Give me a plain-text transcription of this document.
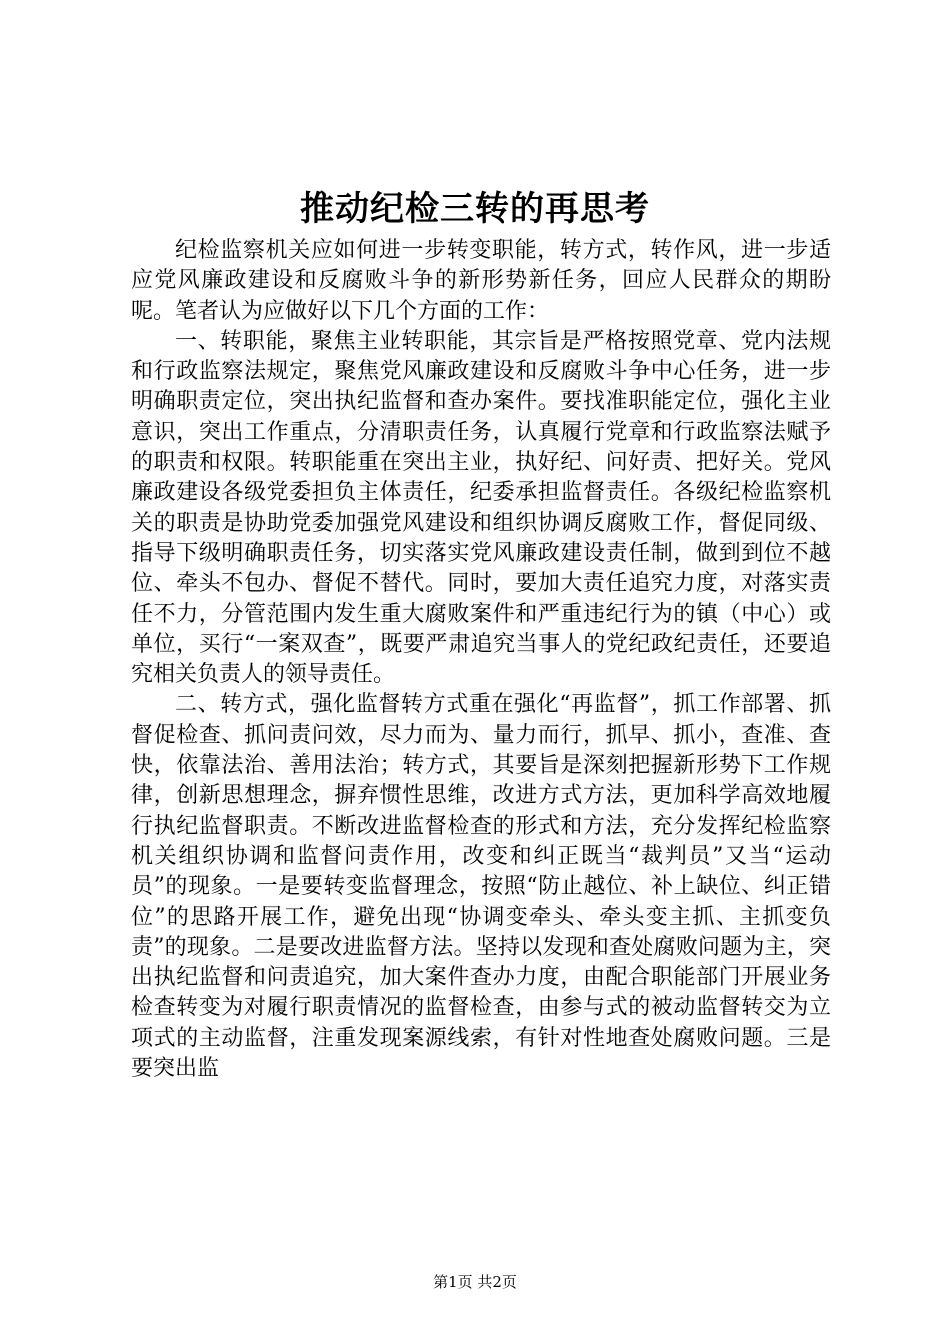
推动纪检三转的再思考

纪检监察机关应如何进一步转变职能，转方式，转作风，进一步适应党风廉政建设和反腐败斗争的新形势新任务，回应人民群众的期盼呢。笔者认为应做好以下几个方面的工作：

一、转职能，聚焦主业转职能，其宗旨是严格按照党章、党内法规和行政监察法规定，聚焦党风廉政建设和反腐败斗争中心任务，进一步明确职责定位，突出执纪监督和查办案件。要找准职能定位，强化主业意识，突出工作重点，分清职责任务，认真履行党章和行政监察法赋予的职责和权限。转职能重在突出主业，执好纪、问好责、把好关。党风廉政建设各级党委担负主体责任，纪委承担监督责任。各级纪检监察机关的职责是协助党委加强党风建设和组织协调反腐败工作，督促同级、指导下级明确职责任务，切实落实党风廉政建设责任制，做到到位不越位、牵头不包办、督促不替代。同时，要加大责任追究力度，对落实责任不力，分管范围内发生重大腐败案件和严重违纪行为的镇（中心）或单位，买行“一案双查”，既要严肃追究当事人的党纪政纪责任，还要追究相关负责人的领导责任。

二、转方式，强化监督转方式重在强化“再监督”，抓工作部署、抓督促检查、抓问责问效，尽力而为、量力而行，抓早、抓小，查准、查快，依靠法治、善用法治；转方式，其要旨是深刻把握新形势下工作规律，创新思想理念，摒弃惯性思维，改进方式方法，更加科学高效地履行执纪监督职责。不断改进监督检查的形式和方法，充分发挥纪检监察机关组织协调和监督问责作用，改变和纠正既当“裁判员”又当“运动员”的现象。一是要转变监督理念，按照“防止越位、补上缺位、纠正错位”的思路开展工作，避免出现“协调变牵头、牵头变主抓、主抓变负责”的现象。二是要改进监督方法。坚持以发现和查处腐败问题为主，突出执纪监督和问责追究，加大案件查办力度，由配合职能部门开展业务检查转变为对履行职责情况的监督检查，由参与式的被动监督转交为立项式的主动监督，注重发现案源线索，有针对性地查处腐败问题。三是要突出监

第1页 共2页
